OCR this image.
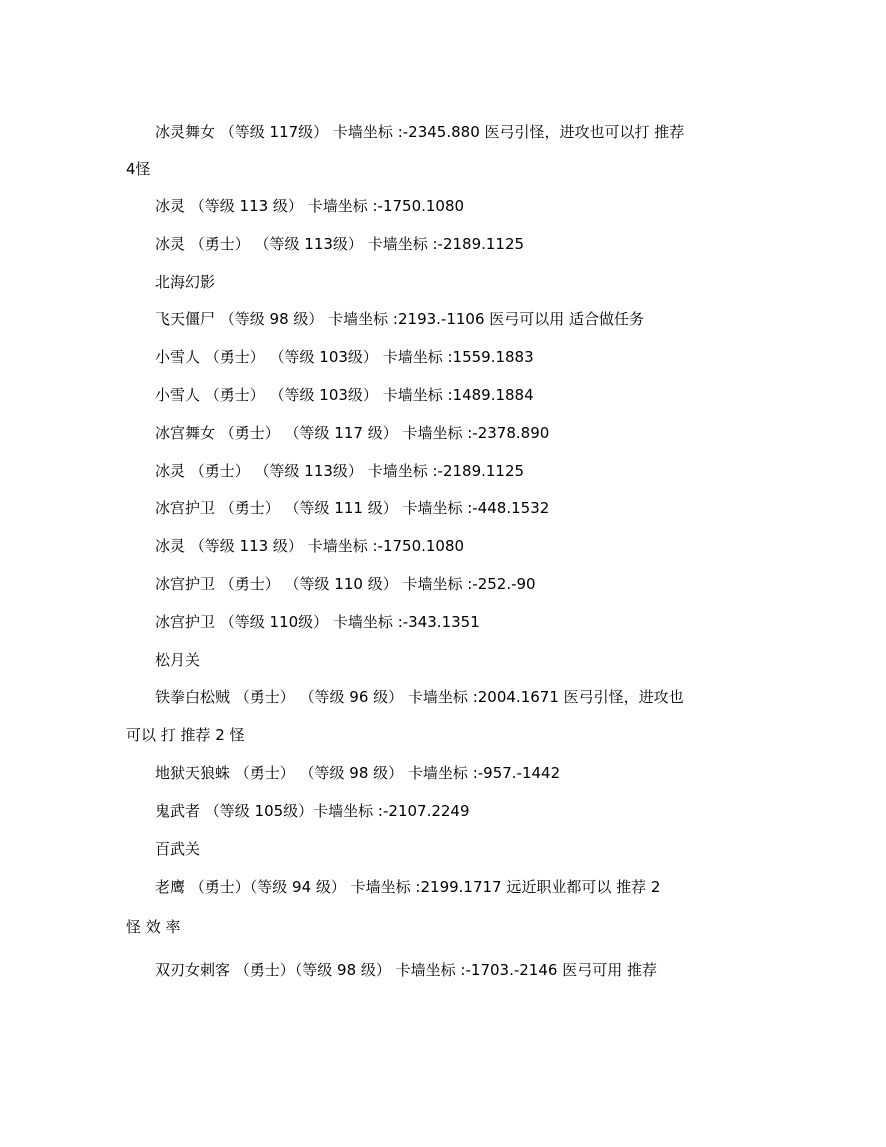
冰灵舞女 （等级 117级） 卡墙坐标 :-2345.880 医弓引怪，进攻也可以打 推荐
4怪
冰灵 （等级 113 级） 卡墙坐标 :-1750.1080
冰灵 （勇士） （等级 113级） 卡墙坐标 :-2189.1125
北海幻影
飞天僵尸 （等级 98 级） 卡墙坐标 :2193.-1106 医弓可以用 适合做任务
小雪人 （勇士） （等级 103级） 卡墙坐标 :1559.1883
小雪人 （勇士） （等级 103级） 卡墙坐标 :1489.1884
冰宫舞女 （勇士） （等级 117 级） 卡墙坐标 :-2378.890
冰灵 （勇士） （等级 113级） 卡墙坐标 :-2189.1125
冰宫护卫 （勇士） （等级 111 级） 卡墙坐标 :-448.1532
冰灵 （等级 113 级） 卡墙坐标 :-1750.1080
冰宫护卫 （勇士） （等级 110 级） 卡墙坐标 :-252.-90
冰宫护卫 （等级 110级） 卡墙坐标 :-343.1351
松月关
铁拳白松贼 （勇士） （等级 96 级） 卡墙坐标 :2004.1671 医弓引怪，进攻也
可以 打 推荐 2 怪
地狱天狼蛛 （勇士） （等级 98 级） 卡墙坐标 :-957.-1442
鬼武者 （等级 105级）卡墙坐标 :-2107.2249
百武关
老鹰 （勇士）（等级 94 级） 卡墙坐标 :2199.1717 远近职业都可以 推荐 2
怪 效 率
双刃女刺客 （勇士）（等级 98 级） 卡墙坐标 :-1703.-2146 医弓可用 推荐
